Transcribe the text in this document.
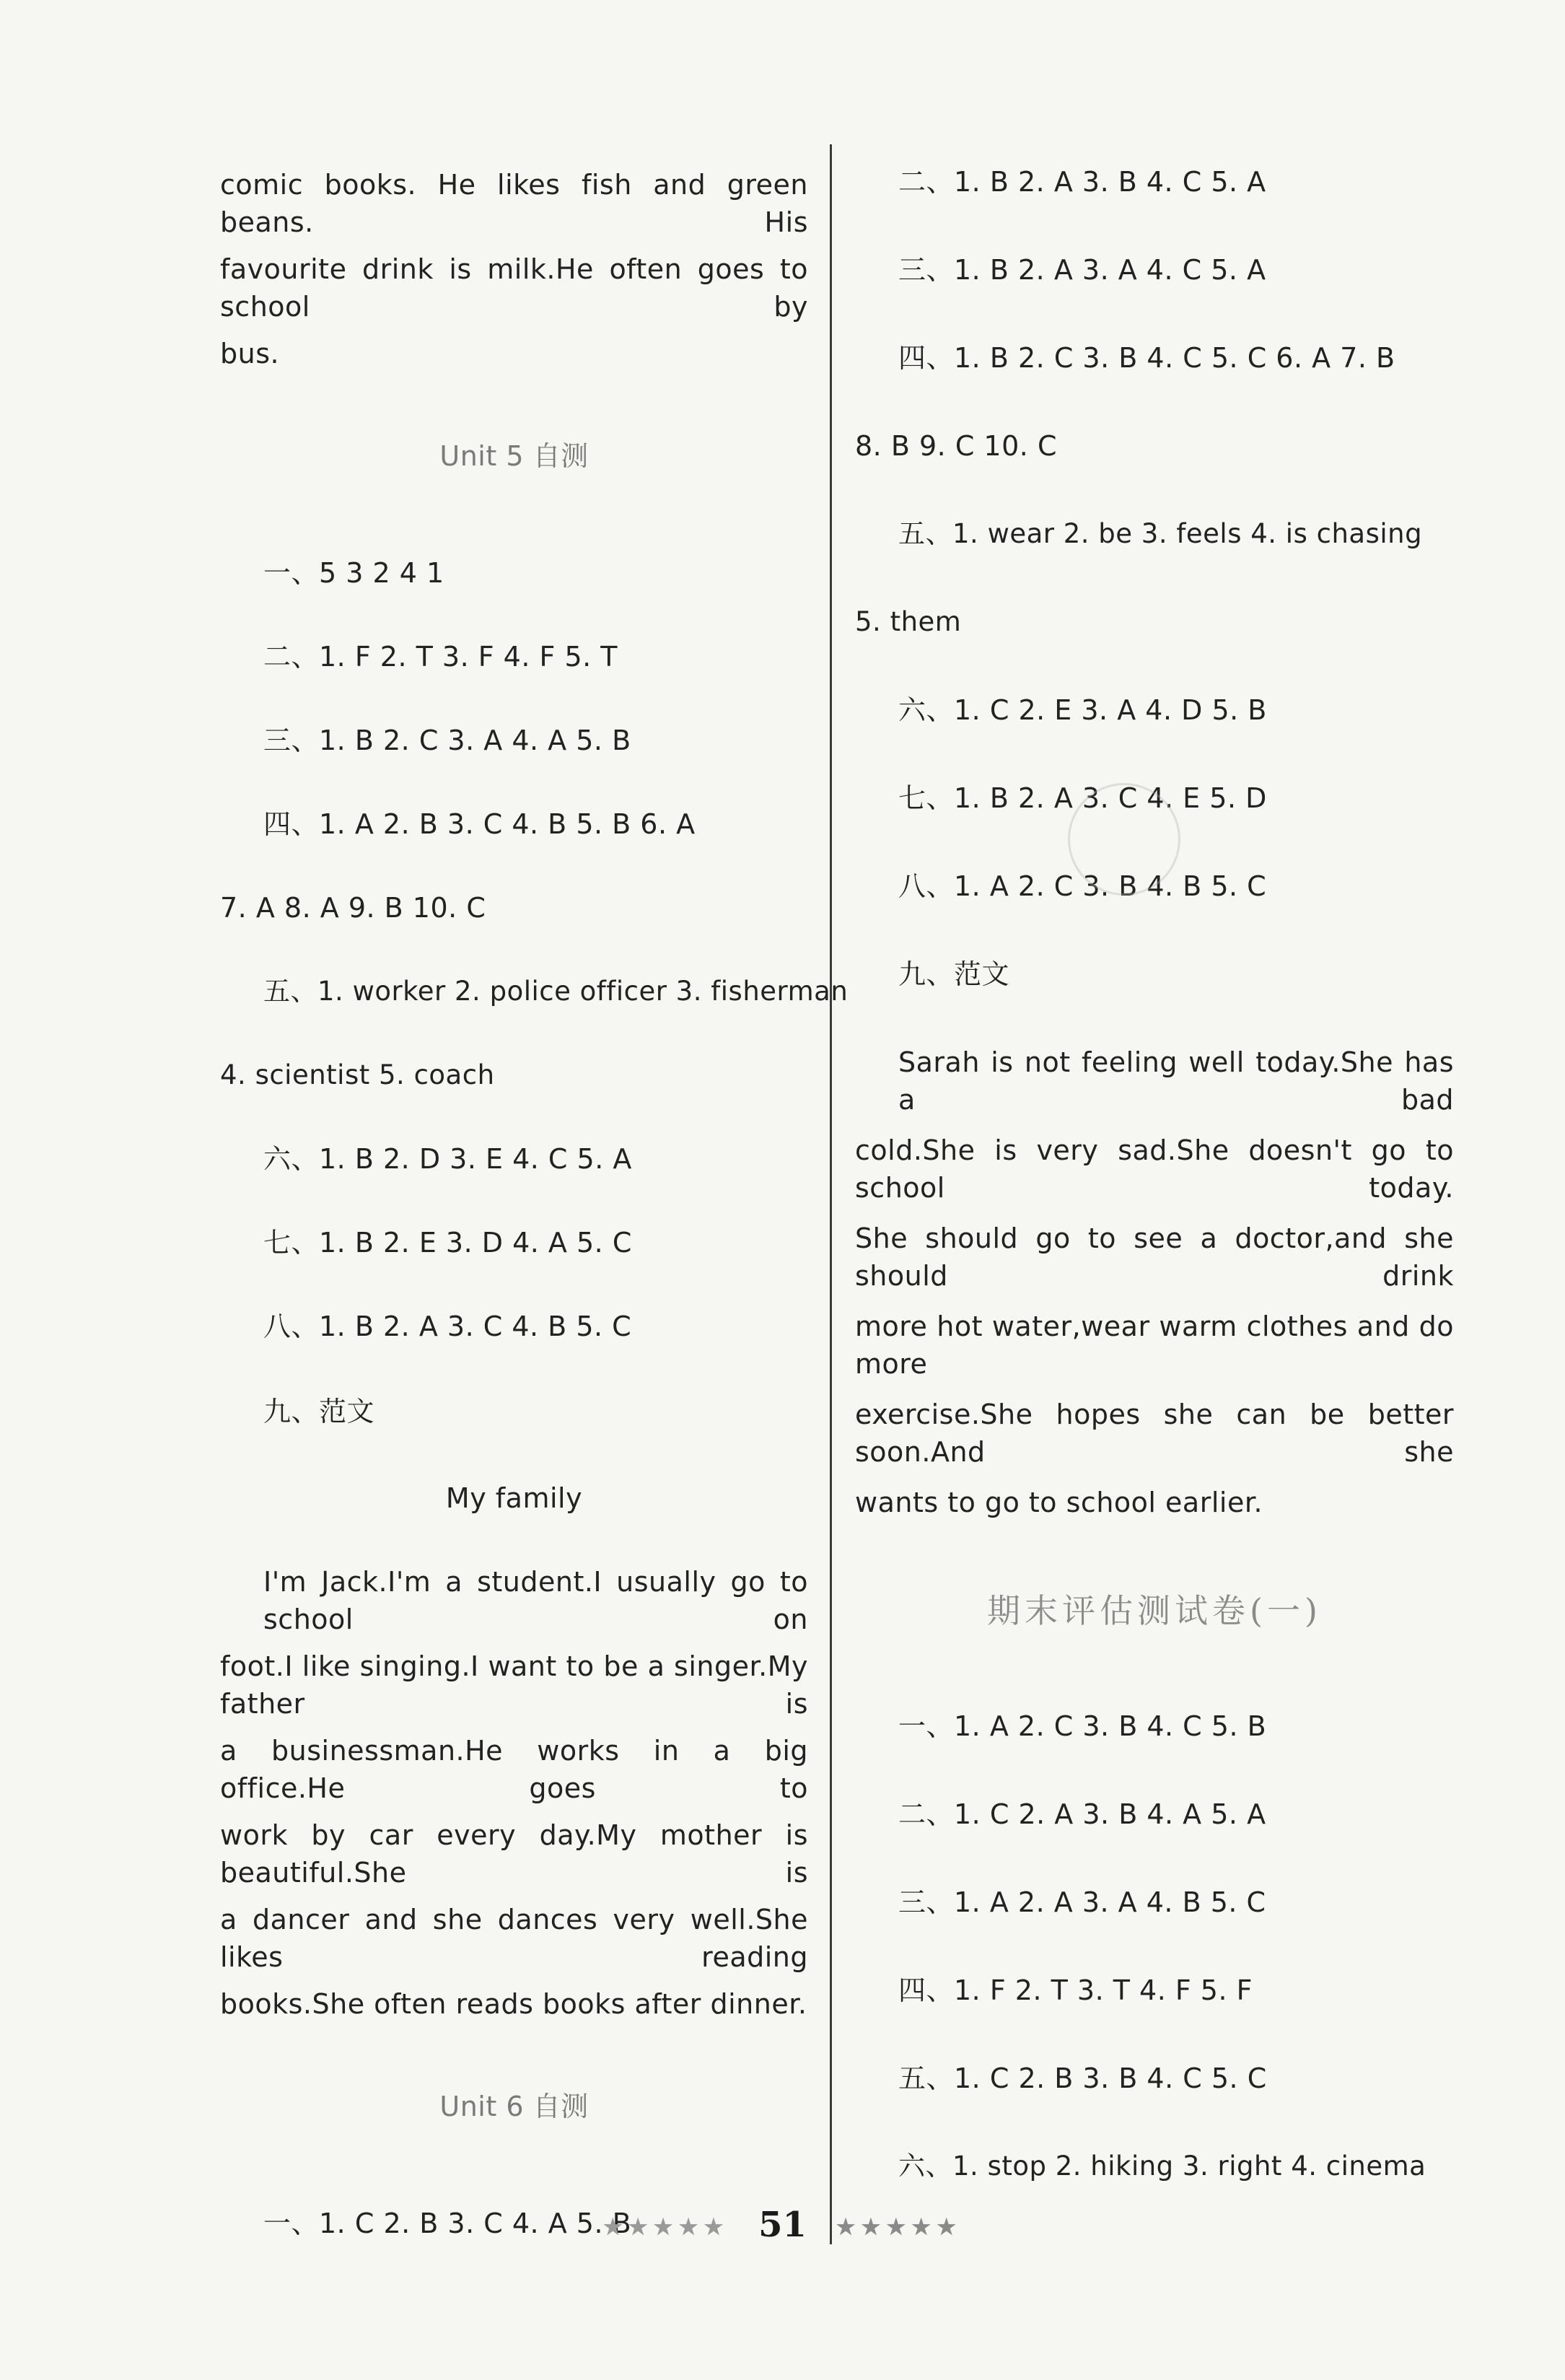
comic books. He likes fish and green beans. His
favourite drink is milk.He often goes to school by
bus.
Unit 5 自测
一、5 3 2 4 1
二、1. F 2. T 3. F 4. F 5. T
三、1. B 2. C 3. A 4. A 5. B
四、1. A 2. B 3. C 4. B 5. B 6. A
7. A 8. A 9. B 10. C
五、1. worker 2. police officer 3. fisherman
4. scientist 5. coach
六、1. B 2. D 3. E 4. C 5. A
七、1. B 2. E 3. D 4. A 5. C
八、1. B 2. A 3. C 4. B 5. C
九、范文
My family
I'm Jack.I'm a student.I usually go to school on
foot.I like singing.I want to be a singer.My father is
a businessman.He works in a big office.He goes to
work by car every day.My mother is beautiful.She is
a dancer and she dances very well.She likes reading
books.She often reads books after dinner.
Unit 6 自测
一、1. C 2. B 3. C 4. A 5. B
二、1. B 2. A 3. B 4. C 5. A
三、1. B 2. A 3. A 4. C 5. A
四、1. B 2. C 3. B 4. C 5. C 6. A 7. B
8. B 9. C 10. C
五、1. wear 2. be 3. feels 4. is chasing
5. them
六、1. C 2. E 3. A 4. D 5. B
七、1. B 2. A 3. C 4. E 5. D
八、1. A 2. C 3. B 4. B 5. C
九、范文
Sarah is not feeling well today.She has a bad
cold.She is very sad.She doesn't go to school today.
She should go to see a doctor,and she should drink
more hot water,wear warm clothes and do more
exercise.She hopes she can be better soon.And she
wants to go to school earlier.
期末评估测试卷(一)
一、1. A 2. C 3. B 4. C 5. B
二、1. C 2. A 3. B 4. A 5. A
三、1. A 2. A 3. A 4. B 5. C
四、1. F 2. T 3. T 4. F 5. F
五、1. C 2. B 3. B 4. C 5. C
六、1. stop 2. hiking 3. right 4. cinema
★★★★★ 51 ★★★★★
